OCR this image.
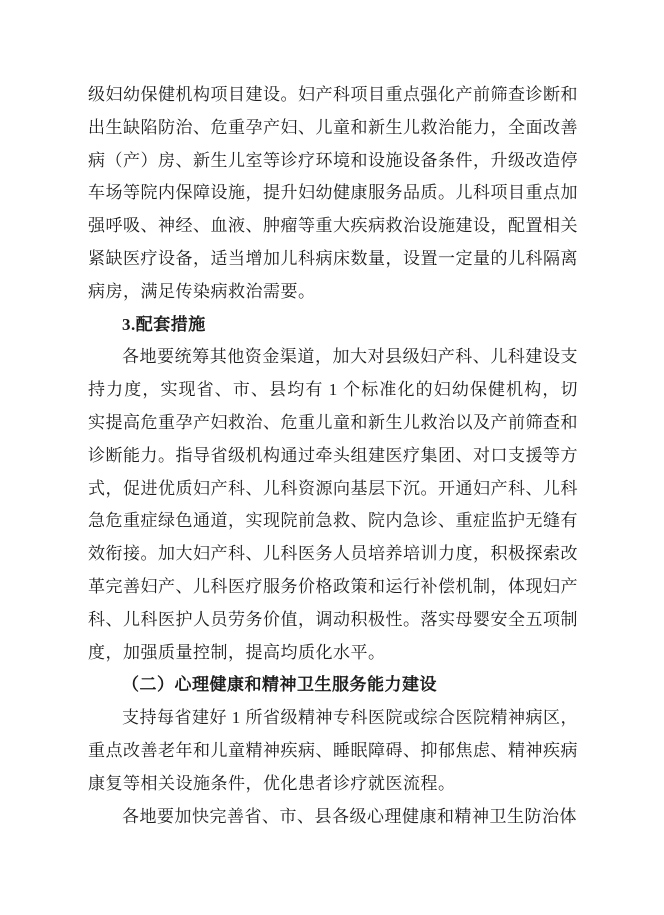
级妇幼保健机构项目建设。妇产科项目重点强化产前筛查诊断和出生缺陷防治、危重孕产妇、儿童和新生儿救治能力，全面改善病（产）房、新生儿室等诊疗环境和设施设备条件，升级改造停车场等院内保障设施，提升妇幼健康服务品质。儿科项目重点加强呼吸、神经、血液、肿瘤等重大疾病救治设施建设，配置相关紧缺医疗设备，适当增加儿科病床数量，设置一定量的儿科隔离病房，满足传染病救治需要。

3.配套措施

各地要统筹其他资金渠道，加大对县级妇产科、儿科建设支持力度，实现省、市、县均有 1 个标准化的妇幼保健机构，切实提高危重孕产妇救治、危重儿童和新生儿救治以及产前筛查和诊断能力。指导省级机构通过牵头组建医疗集团、对口支援等方式，促进优质妇产科、儿科资源向基层下沉。开通妇产科、儿科急危重症绿色通道，实现院前急救、院内急诊、重症监护无缝有效衔接。加大妇产科、儿科医务人员培养培训力度，积极探索改革完善妇产、儿科医疗服务价格政策和运行补偿机制，体现妇产科、儿科医护人员劳务价值，调动积极性。落实母婴安全五项制度，加强质量控制，提高均质化水平。

（二）心理健康和精神卫生服务能力建设

支持每省建好 1 所省级精神专科医院或综合医院精神病区，重点改善老年和儿童精神疾病、睡眠障碍、抑郁焦虑、精神疾病康复等相关设施条件，优化患者诊疗就医流程。

各地要加快完善省、市、县各级心理健康和精神卫生防治体
